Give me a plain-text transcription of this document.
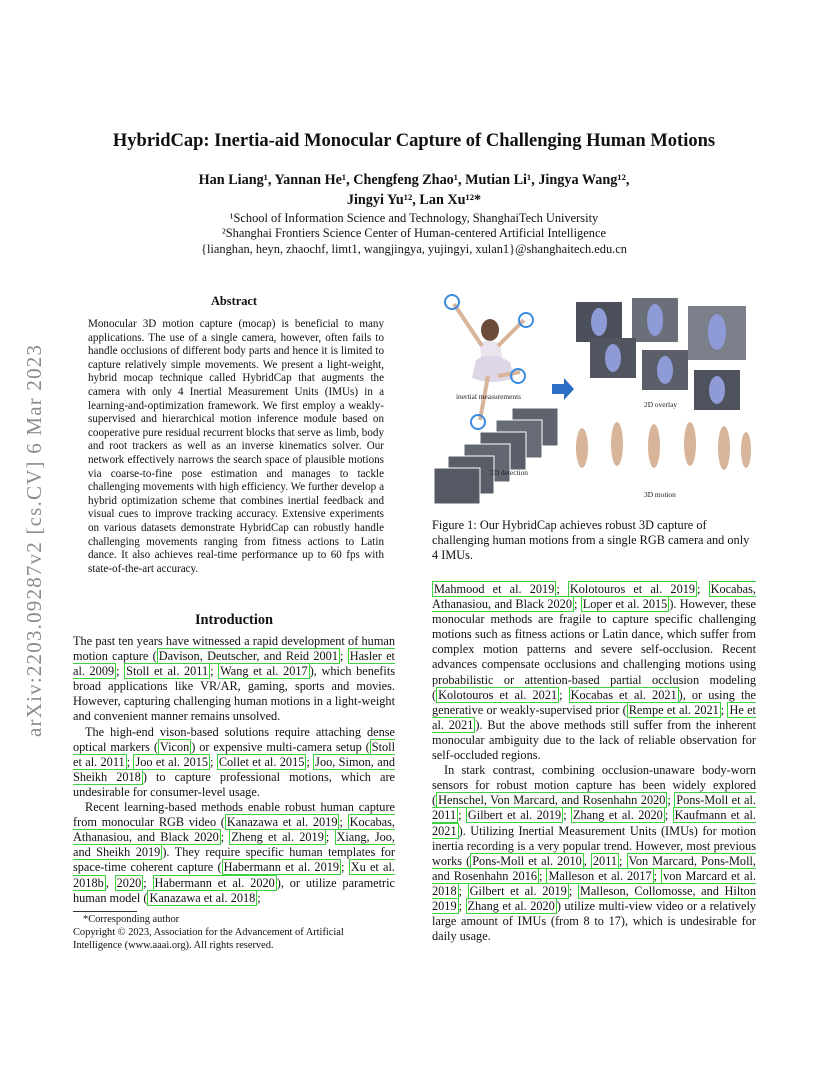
arXiv:2203.09287v2 [cs.CV] 6 Mar 2023
HybridCap: Inertia-aid Monocular Capture of Challenging Human Motions
Han Liang¹, Yannan He¹, Chengfeng Zhao¹, Mutian Li¹, Jingya Wang¹²,
Jingyi Yu¹², Lan Xu¹²*
¹School of Information Science and Technology, ShanghaiTech University
²Shanghai Frontiers Science Center of Human-centered Artificial Intelligence
{lianghan, heyn, zhaochf, limt1, wangjingya, yujingyi, xulan1}@shanghaitech.edu.cn
Abstract

Monocular 3D motion capture (mocap) is beneficial to many applications. The use of a single camera, however, often fails to handle occlusions of different body parts and hence it is limited to capture relatively simple movements. We present a light-weight, hybrid mocap technique called HybridCap that augments the camera with only 4 Inertial Measurement Units (IMUs) in a learning-and-optimization framework. We first employ a weakly-supervised and hierarchical motion inference module based on cooperative pure residual recurrent blocks that serve as limb, body and root trackers as well as an inverse kinematics solver. Our network effectively narrows the search space of plausible motions via coarse-to-fine pose estimation and manages to tackle challenging movements with high efficiency. We further develop a hybrid optimization scheme that combines inertial feedback and visual cues to improve tracking accuracy. Extensive experiments on various datasets demonstrate HybridCap can robustly handle challenging movements ranging from fitness actions to Latin dance. It also achieves real-time performance up to 60 fps with state-of-the-art accuracy.

Introduction

The past ten years have witnessed a rapid development of human motion capture ( Davison, Deutscher, and Reid 2001 ; Hasler et al. 2009 ; Stoll et al. 2011 ; Wang et al. 2017 ), which benefits broad applications like VR/AR, gaming, sports and movies. However, capturing challenging human motions in a light-weight and convenient manner remains unsolved.

The high-end vison-based solutions require attaching dense optical markers ( Vicon ) or expensive multi-camera setup ( Stoll et al. 2011 ; Joo et al. 2015 ; Collet et al. 2015 ; Joo, Simon, and Sheikh 2018 ) to capture professional motions, which are undesirable for consumer-level usage.

Recent learning-based methods enable robust human capture from monocular RGB video ( Kanazawa et al. 2019 ; Kocabas, Athanasiou, and Black 2020 ; Zheng et al. 2019 ; Xiang, Joo, and Sheikh 2019 ). They require specific human templates for space-time coherent capture ( Habermann et al. 2019 ; Xu et al. 2018b , 2020 ; Habermann et al. 2020 ), or utilize parametric human model ( Kanazawa et al. 2018 ;

*Corresponding author

Copyright © 2023, Association for the Advancement of Artificial Intelligence (www.aaai.org). All rights reserved.

inertial measurements
2D overlay
2D detection
3D motion
Figure 1: Our HybridCap achieves robust 3D capture of challenging human motions from a single RGB camera and only 4 IMUs.

Mahmood et al. 2019 ; Kolotouros et al. 2019 ; Kocabas, Athanasiou, and Black 2020 ; Loper et al. 2015 ). However, these monocular methods are fragile to capture specific challenging motions such as fitness actions or Latin dance, which suffer from complex motion patterns and severe self-occlusion. Recent advances compensate occlusions and challenging motions using probabilistic or attention-based partial occlusion modeling ( Kolotouros et al. 2021 ; Kocabas et al. 2021 ), or using the generative or weakly-supervised prior ( Rempe et al. 2021 ; He et al. 2021 ). But the above methods still suffer from the inherent monocular ambiguity due to the lack of reliable observation for self-occluded regions.

In stark contrast, combining occlusion-unaware body-worn sensors for robust motion capture has been widely explored ( Henschel, Von Marcard, and Rosenhahn 2020 ; Pons-Moll et al. 2011 ; Gilbert et al. 2019 ; Zhang et al. 2020 ; Kaufmann et al. 2021 ). Utilizing Inertial Measurement Units (IMUs) for motion inertia recording is a very popular trend. However, most previous works ( Pons-Moll et al. 2010 , 2011 ; Von Marcard, Pons-Moll, and Rosenhahn 2016 ; Malleson et al. 2017 ; von Marcard et al. 2018 ; Gilbert et al. 2019 ; Malleson, Collomosse, and Hilton 2019 ; Zhang et al. 2020 ) utilize multi-view video or a relatively large amount of IMUs (from 8 to 17), which is undesirable for daily usage.
